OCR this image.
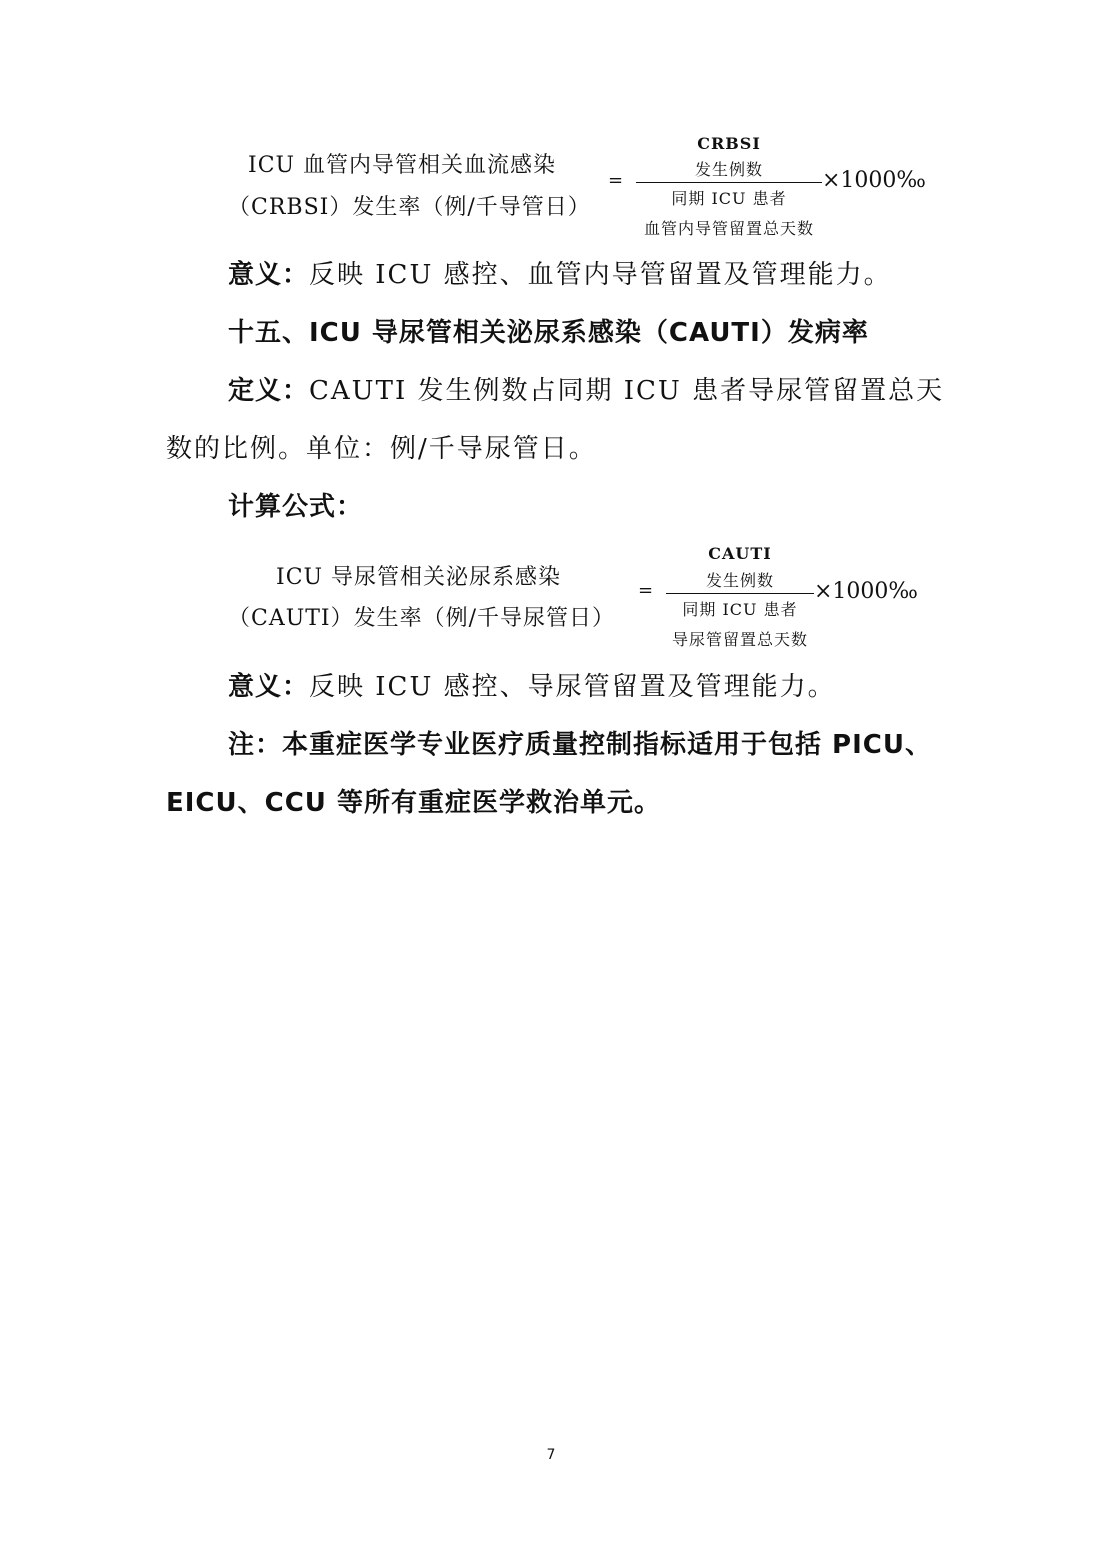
ICU 血管内导管相关血流感染
（CRBSI）发生率（例/千导管日）
=
CRBSI
发生例数
同期 ICU 患者
血管内导管留置总天数
×1000‰
意义：反映 ICU 感控、血管内导管留置及管理能力。
十五、ICU 导尿管相关泌尿系感染（CAUTI）发病率
定义：CAUTI 发生例数占同期 ICU 患者导尿管留置总天
数的比例。单位：例/千导尿管日。
计算公式：
ICU 导尿管相关泌尿系感染
（CAUTI）发生率（例/千导尿管日）
=
CAUTI
发生例数
同期 ICU 患者
导尿管留置总天数
×1000‰
意义：反映 ICU 感控、导尿管留置及管理能力。
注：本重症医学专业医疗质量控制指标适用于包括 PICU、
EICU、CCU 等所有重症医学救治单元。
7
